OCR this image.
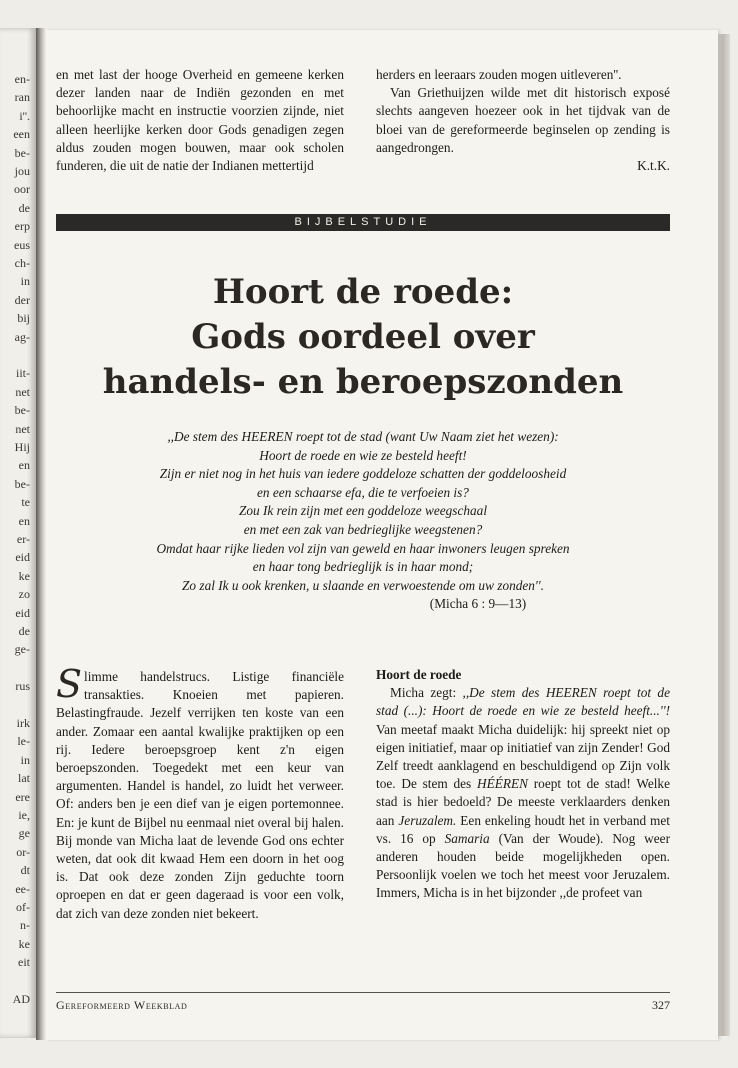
en-
ran
i''.
een
be-
jou
oor
de
erp
eus
ch-
in
der
bij
ag-
iit-
net
be-
net
Hij
en
be-
te
en
er-
eid
ke
zo
eid
de
ge-
rus
irk
le-
in
lat
ere
ie,
ge
or-
dt
ee-
of-
n-
ke
eit
AD

en met last der hooge Overheid en gemeene kerken dezer landen naar de Indiën gezonden en met behoorlijke macht en instructie voorzien zijnde, niet alleen heerlijke kerken door Gods genadigen zegen aldus zouden mogen bouwen, maar ook scholen funderen, die uit de natie der Indianen mettertijd

herders en leeraars zouden mogen uitleveren''.

Van Griethuijzen wilde met dit historisch exposé slechts aangeven hoezeer ook in het tijdvak van de bloei van de gereformeerde beginselen op zending is aangedrongen.

K.t.K.

BIJBELSTUDIE
Hoort de roede:
Gods oordeel over
handels- en beroepszonden
,,De stem des HEEREN roept tot de stad (want Uw Naam ziet het wezen):
Hoort de roede en wie ze besteld heeft!
Zijn er niet nog in het huis van iedere goddeloze schatten der goddeloosheid
en een schaarse efa, die te verfoeien is?
Zou Ik rein zijn met een goddeloze weegschaal
en met een zak van bedrieglijke weegstenen?
Omdat haar rijke lieden vol zijn van geweld en haar inwoners leugen spreken
en haar tong bedrieglijk is in haar mond;
Zo zal Ik u ook krenken, u slaande en verwoestende om uw zonden''.
(Micha 6 : 9—13)

Slimme handelstrucs. Listige financiële transakties. Knoeien met papieren. Belastingfraude. Jezelf verrijken ten koste van een ander. Zomaar een aantal kwalijke praktijken op een rij. Iedere beroepsgroep kent z'n eigen beroepszonden. Toegedekt met een keur van argumenten. Handel is handel, zo luidt het verweer. Of: anders ben je een dief van je eigen portemonnee. En: je kunt de Bijbel nu eenmaal niet overal bij halen. Bij monde van Micha laat de levende God ons echter weten, dat ook dit kwaad Hem een doorn in het oog is. Dat ook deze zonden Zijn geduchte toorn oproepen en dat er geen dageraad is voor een volk, dat zich van deze zonden niet bekeert.

Hoort de roede

Micha zegt: ,,De stem des HEEREN roept tot de stad (...): Hoort de roede en wie ze besteld heeft...''! Van meetaf maakt Micha duidelijk: hij spreekt niet op eigen initiatief, maar op initiatief van zijn Zender! God Zelf treedt aanklagend en beschuldigend op Zijn volk toe. De stem des HÉÉREN roept tot de stad! Welke stad is hier bedoeld? De meeste verklaarders denken aan Jeruzalem. Een enkeling houdt het in verband met vs. 16 op Samaria (Van der Woude). Nog weer anderen houden beide mogelijkheden open. Persoonlijk voelen we toch het meest voor Jeruzalem. Immers, Micha is in het bijzonder ,,de profeet van

Gereformeerd Weekblad	327
